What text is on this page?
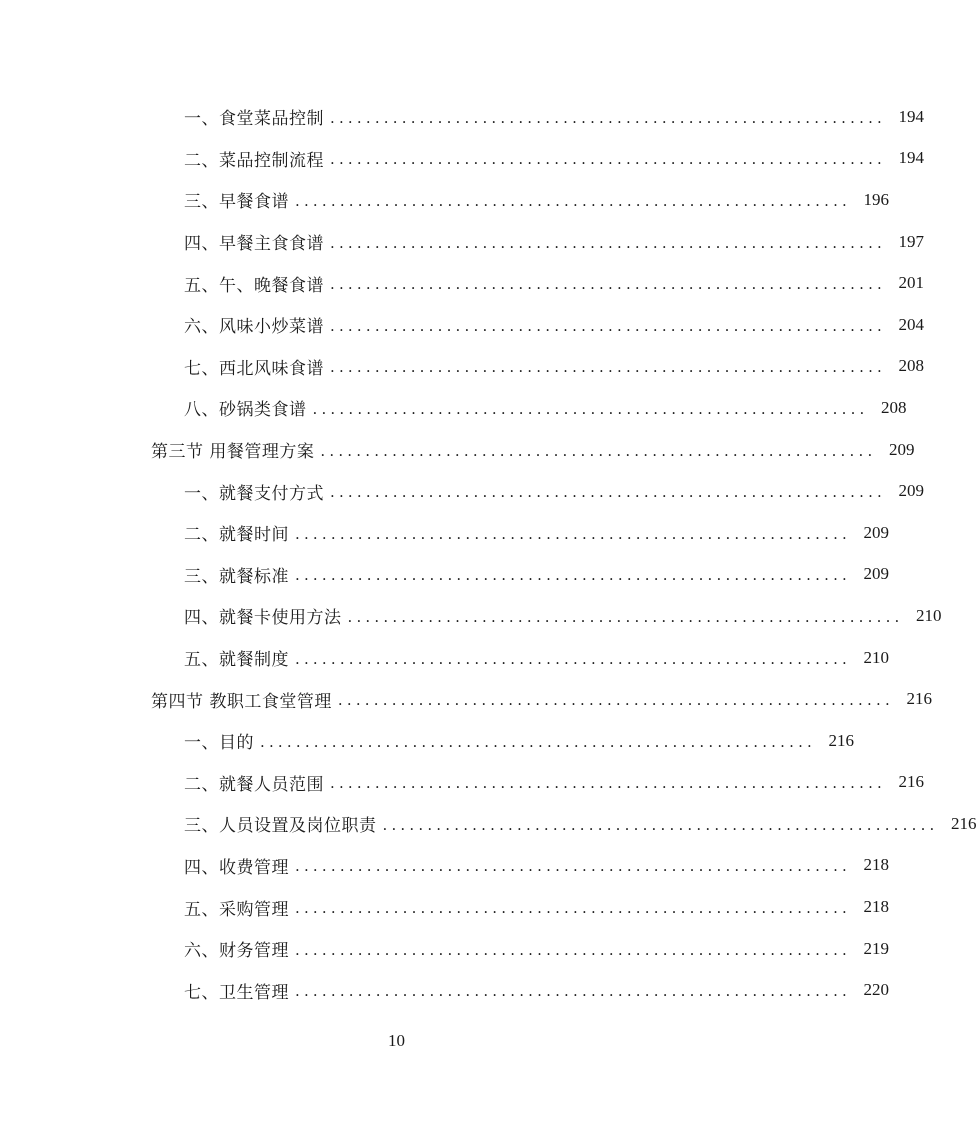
一、食堂菜品控制 .............................................................. 194
二、菜品控制流程 .............................................................. 194
三、早餐食谱 .............................................................. 196
四、早餐主食食谱 .............................................................. 197
五、午、晚餐食谱 .............................................................. 201
六、风味小炒菜谱 .............................................................. 204
七、西北风味食谱 .............................................................. 208
八、砂锅类食谱 .............................................................. 208
第三节 用餐管理方案 .............................................................. 209
一、就餐支付方式 .............................................................. 209
二、就餐时间 .............................................................. 209
三、就餐标准 .............................................................. 209
四、就餐卡使用方法 .............................................................. 210
五、就餐制度 .............................................................. 210
第四节 教职工食堂管理 .............................................................. 216
一、目的 .............................................................. 216
二、就餐人员范围 .............................................................. 216
三、人员设置及岗位职责 .............................................................. 216
四、收费管理 .............................................................. 218
五、采购管理 .............................................................. 218
六、财务管理 .............................................................. 219
七、卫生管理 .............................................................. 220
10
